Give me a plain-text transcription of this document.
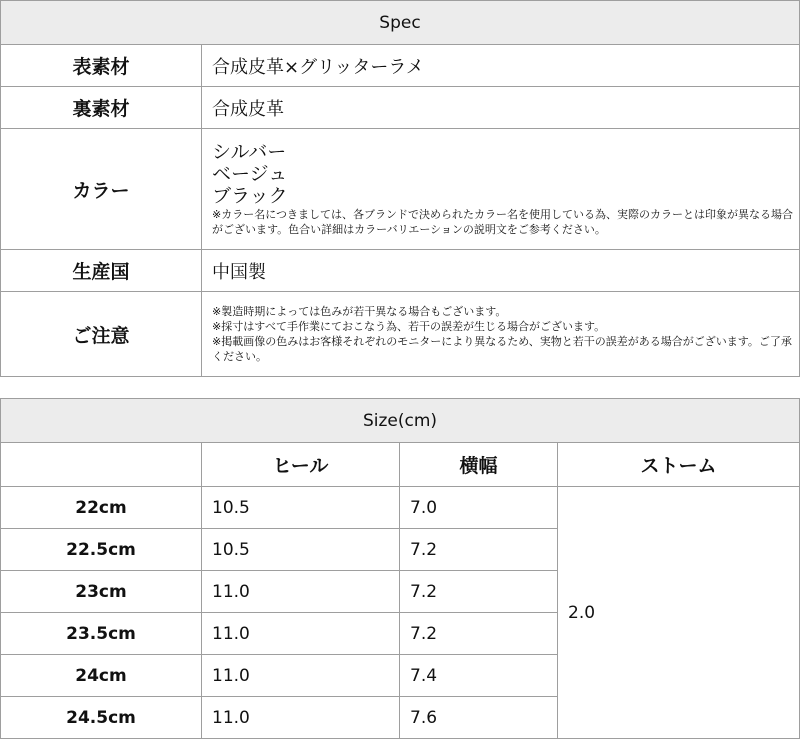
Spec	
表素材	合成皮革×グリッターラメ
裏素材	合成皮革
カラー	シルバー
ベージュ
ブラック
※カラー名につきましては、各ブランドで決められたカラー名を使用している為、実際のカラーとは印象が異なる場合がございます。色合い詳細はカラーバリエーションの説明文をご参考ください。

生産国	中国製
ご注意	※製造時期によっては色みが若干異なる場合もございます。
※採寸はすべて手作業にておこなう為、若干の誤差が生じる場合がございます。
※掲載画像の色みはお客様それぞれのモニターにより異なるため、実物と若干の誤差がある場合がございます。ご了承ください。
Size(cm)			
	ヒール	横幅	ストーム
22cm	10.5	7.0	2.0
22.5cm	10.5	7.2	
23cm	11.0	7.2	
23.5cm	11.0	7.2	
24cm	11.0	7.4	
24.5cm	11.0	7.6	
